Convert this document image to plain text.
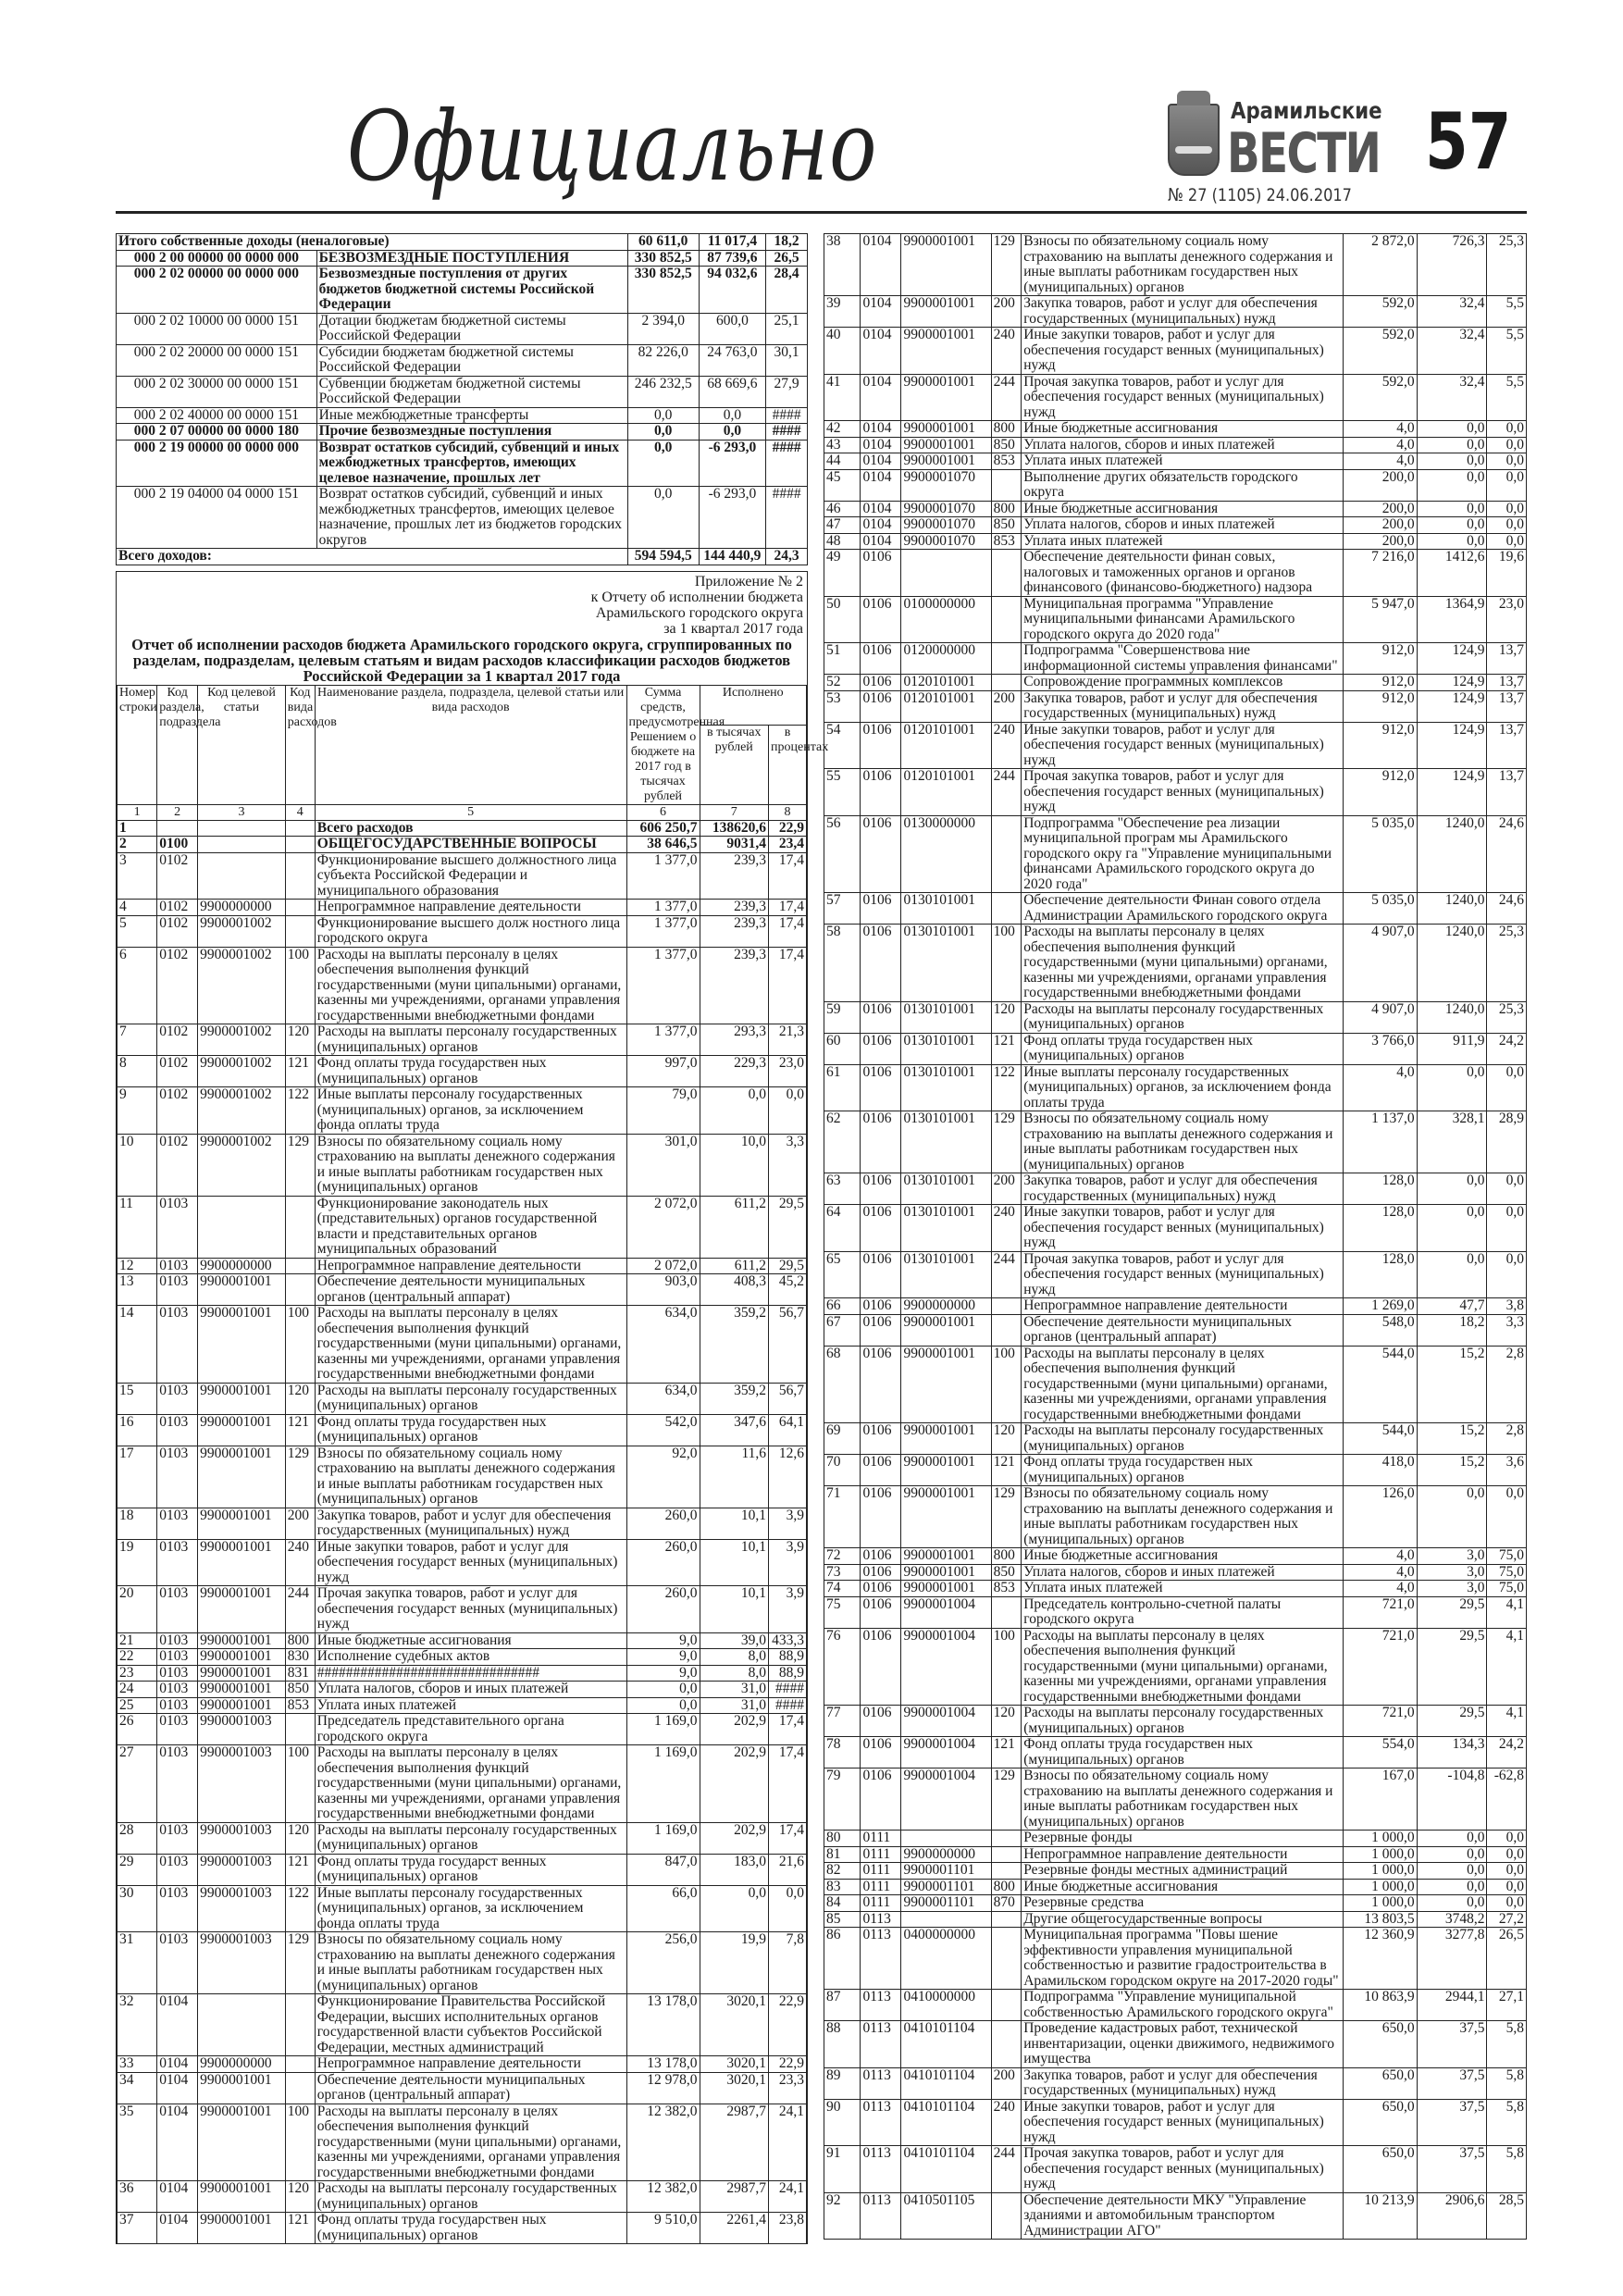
Официально	Арамильские
ВЕСТИ 57
№ 27 (1105) 24.06.2017
Итого собственные доходы (неналоговые)		60 611,0	11 017,4	18,2
000 2 00 00000 00 0000 000	БЕЗВОЗМЕЗДНЫЕ ПОСТУПЛЕНИЯ	330 852,5	87 739,6	26,5
000 2 02 00000 00 0000 000	Безвозмездные поступления от других бюджетов бюджетной системы Российской Федерации	330 852,5	94 032,6	28,4
000 2 02 10000 00 0000 151	Дотации бюджетам бюджетной системы Российской Федерации	2 394,0	600,0	25,1
000 2 02 20000 00 0000 151	Субсидии бюджетам бюджетной системы Российской Федерации	82 226,0	24 763,0	30,1
000 2 02 30000 00 0000 151	Субвенции бюджетам бюджетной системы Российской Федерации	246 232,5	68 669,6	27,9
000 2 02 40000 00 0000 151	Иные межбюджетные трансферты	0,0	0,0	####
000 2 07 00000 00 0000 180	Прочие безвозмездные поступления	0,0	0,0	####
000 2 19 00000 00 0000 000	Возврат остатков субсидий, субвенций и иных межбюджетных трансфертов, имеющих целевое назначение, прошлых лет	0,0	-6 293,0	####
000 2 19 04000 04 0000 151	Возврат остатков субсидий, субвенций и иных межбюджетных трансфертов, имеющих целевое назначение, прошлых лет из бюджетов городских округов	0,0	-6 293,0	####
Всего доходов:		594 594,5	144 440,9	24,3
Приложение № 2
к Отчету об исполнении бюджета
Арамильского городского округа
за 1 квартал 2017 года
Отчет об исполнении расходов бюджета Арамильского городского округа, сгруппированных по разделам, подразделам, целевым статьям и видам расходов классификации расходов бюджетов Российской Федерации за 1 квартал 2017 года
Номер строки	Код раздела, подраздела	Код целевой статьи	Код вида расходов	Наименование раздела, подраздела, целевой статьи или вида расходов	Сумма средств, предусмотренная Решением о бюджете на 2017 год в тысячах рублей	Исполнено	
						в тысячах рублей	в процентах
1	2	3	4	5	6	7	8
1				Всего расходов	606 250,7	138620,6	22,9
2	0100			ОБЩЕГОСУДАРСТВЕННЫЕ ВОПРОСЫ	38 646,5	9031,4	23,4
3	0102			Функционирование высшего должностного лица субъекта Российской Федерации и муниципального образования	1 377,0	239,3	17,4
4	0102	9900000000		Непрограммное направление деятельности	1 377,0	239,3	17,4
5	0102	9900001002		Функционирование высшего долж ностного лица городского округа	1 377,0	239,3	17,4
6	0102	9900001002	100	Расходы на выплаты персоналу в целях обеспечения выполнения функций государственными (муни ципальными) органами, казенны ми учреждениями, органами управления государственными внебюджетными фондами	1 377,0	239,3	17,4
7	0102	9900001002	120	Расходы на выплаты персоналу государственных (муниципальных) органов	1 377,0	293,3	21,3
8	0102	9900001002	121	Фонд оплаты труда государствен ных (муниципальных) органов	997,0	229,3	23,0
9	0102	9900001002	122	Иные выплаты персоналу государственных (муниципальных) органов, за исключением фонда оплаты труда	79,0	0,0	0,0
10	0102	9900001002	129	Взносы по обязательному социаль ному страхованию на выплаты денежного содержания и иные выплаты работникам государствен ных (муниципальных) органов	301,0	10,0	3,3
11	0103			Функционирование законодатель ных (представительных) органов государственной власти и представительных органов муниципальных образований	2 072,0	611,2	29,5
12	0103	9900000000		Непрограммное направление деятельности	2 072,0	611,2	29,5
13	0103	9900001001		Обеспечение деятельности муниципальных органов (центральный аппарат)	903,0	408,3	45,2
14	0103	9900001001	100	Расходы на выплаты персоналу в целях обеспечения выполнения функций государственными (муни ципальными) органами, казенны ми учреждениями, органами управления государственными внебюджетными фондами	634,0	359,2	56,7
15	0103	9900001001	120	Расходы на выплаты персоналу государственных (муниципальных) органов	634,0	359,2	56,7
16	0103	9900001001	121	Фонд оплаты труда государствен ных (муниципальных) органов	542,0	347,6	64,1
17	0103	9900001001	129	Взносы по обязательному социаль ному страхованию на выплаты денежного содержания и иные выплаты работникам государствен ных (муниципальных) органов	92,0	11,6	12,6
18	0103	9900001001	200	Закупка товаров, работ и услуг для обеспечения государственных (муниципальных) нужд	260,0	10,1	3,9
19	0103	9900001001	240	Иные закупки товаров, работ и услуг для обеспечения государст венных (муниципальных) нужд	260,0	10,1	3,9
20	0103	9900001001	244	Прочая закупка товаров, работ и услуг для обеспечения государст венных (муниципальных) нужд	260,0	10,1	3,9
21	0103	9900001001	800	Иные бюджетные ассигнования	9,0	39,0	433,3
22	0103	9900001001	830	Исполнение судебных актов	9,0	8,0	88,9
23	0103	9900001001	831	###############################	9,0	8,0	88,9
24	0103	9900001001	850	Уплата налогов, сборов и иных платежей	0,0	31,0	####
25	0103	9900001001	853	Уплата иных платежей	0,0	31,0	####
26	0103	9900001003		Председатель представительного органа городского округа	1 169,0	202,9	17,4
27	0103	9900001003	100	Расходы на выплаты персоналу в целях обеспечения выполнения функций государственными (муни ципальными) органами, казенны ми учреждениями, органами управления государственными внебюджетными фондами	1 169,0	202,9	17,4
28	0103	9900001003	120	Расходы на выплаты персоналу государственных (муниципальных) органов	1 169,0	202,9	17,4
29	0103	9900001003	121	Фонд оплаты труда государст венных (муниципальных) органов	847,0	183,0	21,6
30	0103	9900001003	122	Иные выплаты персоналу государственных (муниципальных) органов, за исключением фонда оплаты труда	66,0	0,0	0,0
31	0103	9900001003	129	Взносы по обязательному социаль ному страхованию на выплаты денежного содержания и иные выплаты работникам государствен ных (муниципальных) органов	256,0	19,9	7,8
32	0104			Функционирование Правительства Российской Федерации, высших исполнительных органов государственной власти субъектов Российской Федерации, местных администраций	13 178,0	3020,1	22,9
33	0104	9900000000		Непрограммное направление деятельности	13 178,0	3020,1	22,9
34	0104	9900001001		Обеспечение деятельности муниципальных органов (центральный аппарат)	12 978,0	3020,1	23,3
35	0104	9900001001	100	Расходы на выплаты персоналу в целях обеспечения выполнения функций государственными (муни ципальными) органами, казенны ми учреждениями, органами управления государственными внебюджетными фондами	12 382,0	2987,7	24,1
36	0104	9900001001	120	Расходы на выплаты персоналу государственных (муниципальных) органов	12 382,0	2987,7	24,1
37	0104	9900001001	121	Фонд оплаты труда государствен ных (муниципальных) органов	9 510,0	2261,4	23,8
38	0104	9900001001	129	Взносы по обязательному социаль ному страхованию на выплаты денежного содержания и иные выплаты работникам государствен ных (муниципальных) органов	2 872,0	726,3	25,3
39	0104	9900001001	200	Закупка товаров, работ и услуг для обеспечения государственных (муниципальных) нужд	592,0	32,4	5,5
40	0104	9900001001	240	Иные закупки товаров, работ и услуг для обеспечения государст венных (муниципальных) нужд	592,0	32,4	5,5
41	0104	9900001001	244	Прочая закупка товаров, работ и услуг для обеспечения государст венных (муниципальных) нужд	592,0	32,4	5,5
42	0104	9900001001	800	Иные бюджетные ассигнования	4,0	0,0	0,0
43	0104	9900001001	850	Уплата налогов, сборов и иных платежей	4,0	0,0	0,0
44	0104	9900001001	853	Уплата иных платежей	4,0	0,0	0,0
45	0104	9900001070		Выполнение других обязательств городского округа	200,0	0,0	0,0
46	0104	9900001070	800	Иные бюджетные ассигнования	200,0	0,0	0,0
47	0104	9900001070	850	Уплата налогов, сборов и иных платежей	200,0	0,0	0,0
48	0104	9900001070	853	Уплата иных платежей	200,0	0,0	0,0
49	0106			Обеспечение деятельности финан совых, налоговых и таможенных органов и органов финансового (финансово-бюджетного) надзора	7 216,0	1412,6	19,6
50	0106	0100000000		Муниципальная программа "Управление муниципальными финансами Арамильского городского округа до 2020 года"	5 947,0	1364,9	23,0
51	0106	0120000000		Подпрограмма "Совершенствова ние информационной системы управления финансами"	912,0	124,9	13,7
52	0106	0120101001		Сопровождение программных комплексов	912,0	124,9	13,7
53	0106	0120101001	200	Закупка товаров, работ и услуг для обеспечения государственных (муниципальных) нужд	912,0	124,9	13,7
54	0106	0120101001	240	Иные закупки товаров, работ и услуг для обеспечения государст венных (муниципальных) нужд	912,0	124,9	13,7
55	0106	0120101001	244	Прочая закупка товаров, работ и услуг для обеспечения государст венных (муниципальных) нужд	912,0	124,9	13,7
56	0106	0130000000		Подпрограмма "Обеспечение реа лизации муниципальной програм мы Арамильского городского окру га "Управление муниципальными финансами Арамильского городского округа до 2020 года"	5 035,0	1240,0	24,6
57	0106	0130101001		Обеспечение деятельности Финан сового отдела Администрации Арамильского городского округа	5 035,0	1240,0	24,6
58	0106	0130101001	100	Расходы на выплаты персоналу в целях обеспечения выполнения функций государственными (муни ципальными) органами, казенны ми учреждениями, органами управления государственными внебюджетными фондами	4 907,0	1240,0	25,3
59	0106	0130101001	120	Расходы на выплаты персоналу государственных (муниципальных) органов	4 907,0	1240,0	25,3
60	0106	0130101001	121	Фонд оплаты труда государствен ных (муниципальных) органов	3 766,0	911,9	24,2
61	0106	0130101001	122	Иные выплаты персоналу государственных (муниципальных) органов, за исключением фонда оплаты труда	4,0	0,0	0,0
62	0106	0130101001	129	Взносы по обязательному социаль ному страхованию на выплаты денежного содержания и иные выплаты работникам государствен ных (муниципальных) органов	1 137,0	328,1	28,9
63	0106	0130101001	200	Закупка товаров, работ и услуг для обеспечения государственных (муниципальных) нужд	128,0	0,0	0,0
64	0106	0130101001	240	Иные закупки товаров, работ и услуг для обеспечения государст венных (муниципальных) нужд	128,0	0,0	0,0
65	0106	0130101001	244	Прочая закупка товаров, работ и услуг для обеспечения государст венных (муниципальных) нужд	128,0	0,0	0,0
66	0106	9900000000		Непрограммное направление деятельности	1 269,0	47,7	3,8
67	0106	9900001001		Обеспечение деятельности муниципальных органов (центральный аппарат)	548,0	18,2	3,3
68	0106	9900001001	100	Расходы на выплаты персоналу в целях обеспечения выполнения функций государственными (муни ципальными) органами, казенны ми учреждениями, органами управления государственными внебюджетными фондами	544,0	15,2	2,8
69	0106	9900001001	120	Расходы на выплаты персоналу государственных (муниципальных) органов	544,0	15,2	2,8
70	0106	9900001001	121	Фонд оплаты труда государствен ных (муниципальных) органов	418,0	15,2	3,6
71	0106	9900001001	129	Взносы по обязательному социаль ному страхованию на выплаты денежного содержания и иные выплаты работникам государствен ных (муниципальных) органов	126,0	0,0	0,0
72	0106	9900001001	800	Иные бюджетные ассигнования	4,0	3,0	75,0
73	0106	9900001001	850	Уплата налогов, сборов и иных платежей	4,0	3,0	75,0
74	0106	9900001001	853	Уплата иных платежей	4,0	3,0	75,0
75	0106	9900001004		Председатель контрольно-счетной палаты городского округа	721,0	29,5	4,1
76	0106	9900001004	100	Расходы на выплаты персоналу в целях обеспечения выполнения функций государственными (муни ципальными) органами, казенны ми учреждениями, органами управления государственными внебюджетными фондами	721,0	29,5	4,1
77	0106	9900001004	120	Расходы на выплаты персоналу государственных (муниципальных) органов	721,0	29,5	4,1
78	0106	9900001004	121	Фонд оплаты труда государствен ных (муниципальных) органов	554,0	134,3	24,2
79	0106	9900001004	129	Взносы по обязательному социаль ному страхованию на выплаты денежного содержания и иные выплаты работникам государствен ных (муниципальных) органов	167,0	-104,8	-62,8
80	0111			Резервные фонды	1 000,0	0,0	0,0
81	0111	9900000000		Непрограммное направление деятельности	1 000,0	0,0	0,0
82	0111	9900001101		Резервные фонды местных администраций	1 000,0	0,0	0,0
83	0111	9900001101	800	Иные бюджетные ассигнования	1 000,0	0,0	0,0
84	0111	9900001101	870	Резервные средства	1 000,0	0,0	0,0
85	0113			Другие общегосударственные вопросы	13 803,5	3748,2	27,2
86	0113	0400000000		Муниципальная программа "Повы шение эффективности управления муниципальной собственностью и развитие градостроительства в Арамильском городском округе на 2017-2020 годы"	12 360,9	3277,8	26,5
87	0113	0410000000		Подпрограмма "Управление муниципальной собственностью Арамильского городского округа"	10 863,9	2944,1	27,1
88	0113	0410101104		Проведение кадастровых работ, технической инвентаризации, оценки движимого, недвижимого имущества	650,0	37,5	5,8
89	0113	0410101104	200	Закупка товаров, работ и услуг для обеспечения государственных (муниципальных) нужд	650,0	37,5	5,8
90	0113	0410101104	240	Иные закупки товаров, работ и услуг для обеспечения государст венных (муниципальных) нужд	650,0	37,5	5,8
91	0113	0410101104	244	Прочая закупка товаров, работ и услуг для обеспечения государст венных (муниципальных) нужд	650,0	37,5	5,8
92	0113	0410501105		Обеспечение деятельности МКУ "Управление зданиями и автомобильным транспортом Администрации АГО"	10 213,9	2906,6	28,5
